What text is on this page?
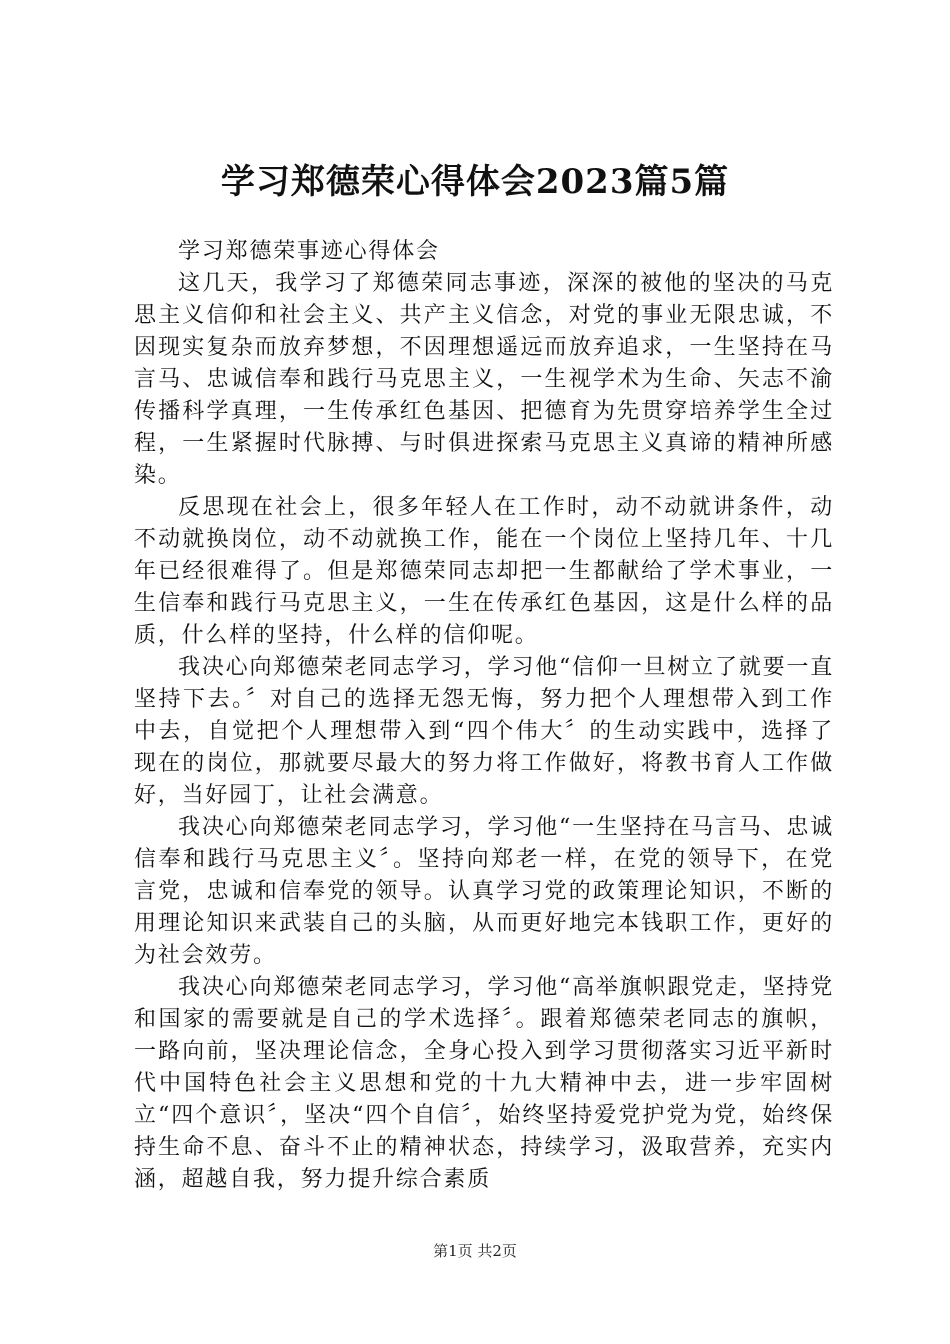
学习郑德荣心得体会2023篇5篇

学习郑德荣事迹心得体会

这几天，我学习了郑德荣同志事迹，深深的被他的坚决的马克思主义信仰和社会主义、共产主义信念，对党的事业无限忠诚，不因现实复杂而放弃梦想，不因理想遥远而放弃追求，一生坚持在马言马、忠诚信奉和践行马克思主义，一生视学术为生命、矢志不渝传播科学真理，一生传承红色基因、把德育为先贯穿培养学生全过程，一生紧握时代脉搏、与时俱进探索马克思主义真谛的精神所感染。

反思现在社会上，很多年轻人在工作时，动不动就讲条件，动不动就换岗位，动不动就换工作，能在一个岗位上坚持几年、十几年已经很难得了。但是郑德荣同志却把一生都献给了学术事业，一生信奉和践行马克思主义，一生在传承红色基因，这是什么样的品质，什么样的坚持，什么样的信仰呢。

我决心向郑德荣老同志学习，学习他“信仰一旦树立了就要一直坚持下去。〞对自己的选择无怨无悔，努力把个人理想带入到工作中去，自觉把个人理想带入到“四个伟大〞的生动实践中，选择了现在的岗位，那就要尽最大的努力将工作做好，将教书育人工作做好，当好园丁，让社会满意。

我决心向郑德荣老同志学习，学习他“一生坚持在马言马、忠诚信奉和践行马克思主义〞。坚持向郑老一样，在党的领导下，在党言党，忠诚和信奉党的领导。认真学习党的政策理论知识，不断的用理论知识来武装自己的头脑，从而更好地完本钱职工作，更好的为社会效劳。

我决心向郑德荣老同志学习，学习他“高举旗帜跟党走，坚持党和国家的需要就是自己的学术选择〞。跟着郑德荣老同志的旗帜，一路向前，坚决理论信念，全身心投入到学习贯彻落实习近平新时代中国特色社会主义思想和党的十九大精神中去，进一步牢固树立“四个意识〞，坚决“四个自信〞，始终坚持爱党护党为党，始终保持生命不息、奋斗不止的精神状态，持续学习，汲取营养，充实内涵，超越自我，努力提升综合素质

第1页 共2页
